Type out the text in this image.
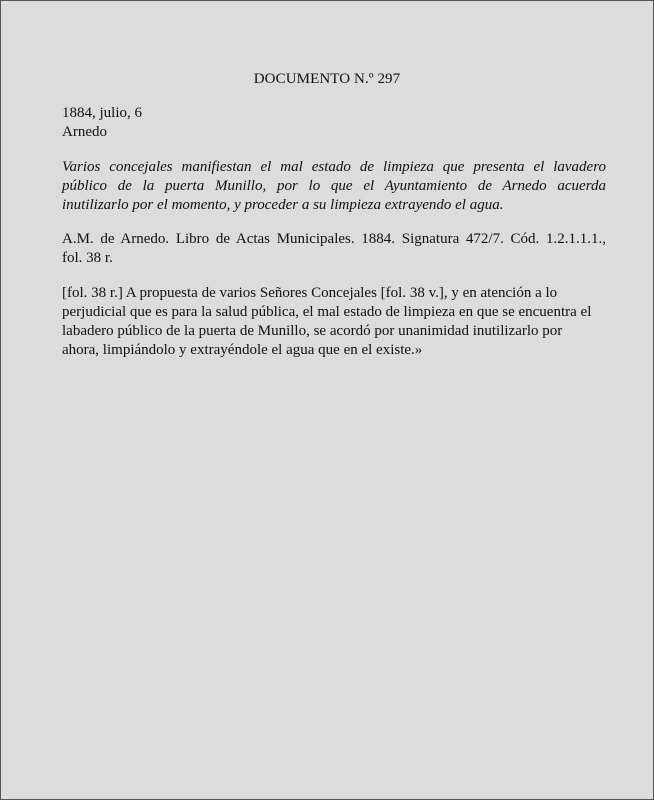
DOCUMENTO N.º 297
1884, julio, 6
Arnedo
Varios concejales manifiestan el mal estado de limpieza que presenta el lavadero
público de la puerta Munillo, por lo que el Ayuntamiento de Arnedo acuerda
inutilizarlo por el momento, y proceder a su limpieza extrayendo el agua.
A.M. de Arnedo. Libro de Actas Municipales. 1884. Signatura 472/7. Cód. 1.2.1.1.1.,
fol. 38 r.
[fol. 38 r.] A propuesta de varios Señores Concejales [fol. 38 v.], y en atención a lo
perjudicial que es para la salud pública, el mal estado de limpieza en que se encuentra el
labadero público de la puerta de Munillo, se acordó por unanimidad inutilizarlo por
ahora, limpiándolo y extrayéndole el agua que en el existe.»
